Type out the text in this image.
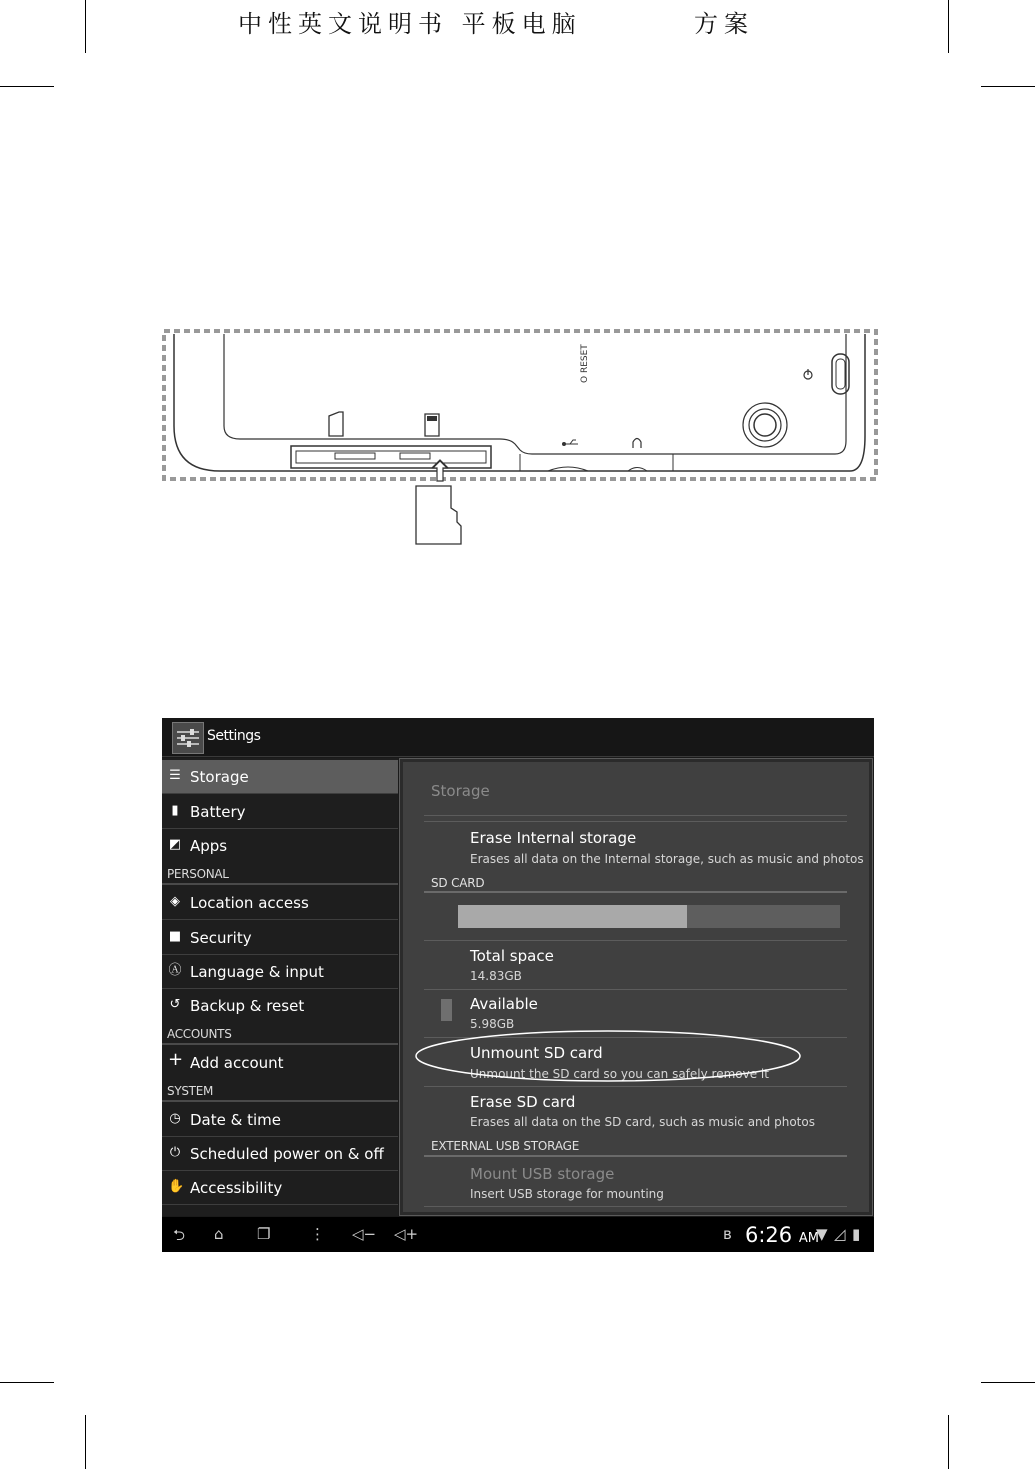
中性英文说明书 平板电脑	方案
O RESET
Settings
☰ Storage
▮ Battery
◩ Apps
PERSONAL
◈ Location access
■ Security
Ⓐ Language & input
↺ Backup & reset
ACCOUNTS
+ Add account
SYSTEM
◷ Date & time
⏻ Scheduled power on & off
✋ Accessibility
Storage
Erase Internal storage
Erases all data on the Internal storage, such as music and photos
SD CARD
Total space
14.83GB
Available
5.98GB
Unmount SD card
Unmount the SD card so you can safely remove it
Erase SD card
Erases all data on the SD card, such as music and photos
EXTERNAL USB STORAGE
Mount USB storage
Insert USB storage for mounting
⮌ ⌂ ❐	⋮ ◁− ◁+	ʙ 6:26 AM
▼ ◿ ▮
